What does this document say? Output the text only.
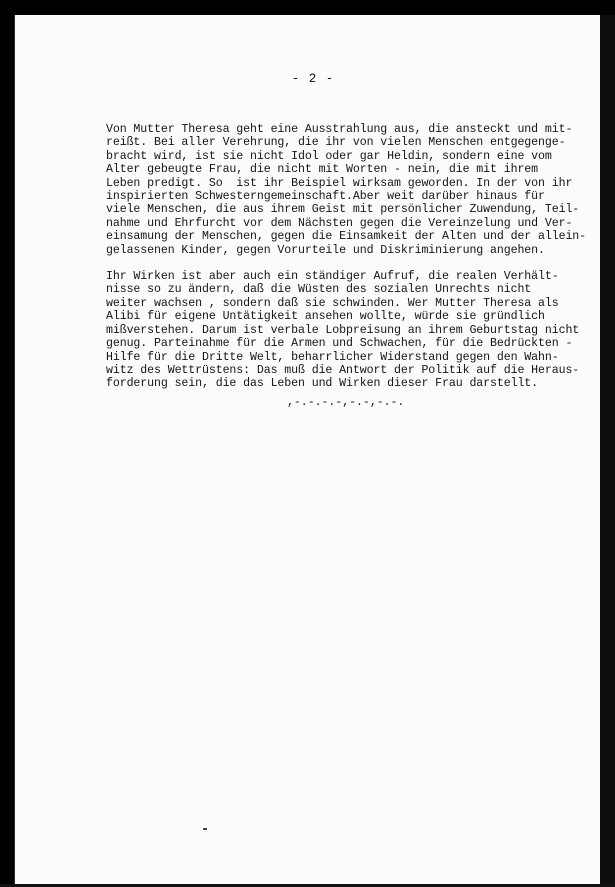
- 2 -
Von Mutter Theresa geht eine Ausstrahlung aus, die ansteckt und mit-
reißt. Bei aller Verehrung, die ihr von vielen Menschen entgegenge-
bracht wird, ist sie nicht Idol oder gar Heldin, sondern eine vom
Alter gebeugte Frau, die nicht mit Worten - nein, die mit ihrem
Leben predigt. So  ist ihr Beispiel wirksam geworden. In der von ihr
inspirierten Schwesterngemeinschaft.Aber weit darüber hinaus für
viele Menschen, die aus ihrem Geist mit persönlicher Zuwendung, Teil-
nahme und Ehrfurcht vor dem Nächsten gegen die Vereinzelung und Ver-
einsamung der Menschen, gegen die Einsamkeit der Alten und der allein-
gelassenen Kinder, gegen Vorurteile und Diskriminierung angehen.
Ihr Wirken ist aber auch ein ständiger Aufruf, die realen Verhält-
nisse so zu ändern, daß die Wüsten des sozialen Unrechts nicht
weiter wachsen , sondern daß sie schwinden. Wer Mutter Theresa als
Alibi für eigene Untätigkeit ansehen wollte, würde sie gründlich
mißverstehen. Darum ist verbale Lobpreisung an ihrem Geburtstag nicht
genug. Parteinahme für die Armen und Schwachen, für die Bedrückten -
Hilfe für die Dritte Welt, beharrlicher Widerstand gegen den Wahn-
witz des Wettrüstens: Das muß die Antwort der Politik auf die Heraus-
forderung sein, die das Leben und Wirken dieser Frau darstellt.
,-.-.-.-,-.-,-.-.
